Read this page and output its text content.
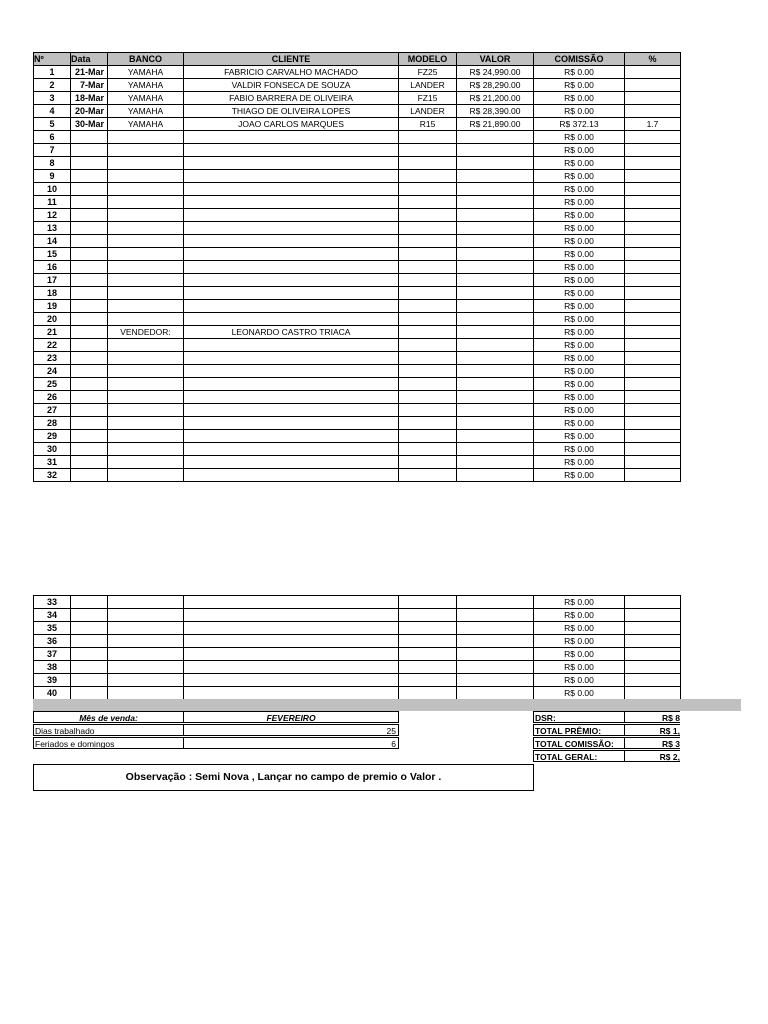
Nº	Data	BANCO	CLIENTE	MODELO	VALOR	COMISSÃO	%
1	21-Mar	YAMAHA	FABRICIO CARVALHO MACHADO	FZ25	R$ 24,990.00	R$ 0.00	
2	7-Mar	YAMAHA	VALDIR FONSECA DE SOUZA	LANDER	R$ 28,290.00	R$ 0.00	
3	18-Mar	YAMAHA	FABIO BARRERA DE OLIVEIRA	FZ15	R$ 21,200.00	R$ 0.00	
4	20-Mar	YAMAHA	THIAGO DE OLIVEIRA LOPES	LANDER	R$ 28,390.00	R$ 0.00	
5	30-Mar	YAMAHA	JOAO CARLOS MARQUES	R15	R$ 21,890.00	R$ 372.13	1.7
6						R$ 0.00	
7						R$ 0.00	
8						R$ 0.00	
9						R$ 0.00	
10						R$ 0.00	
11						R$ 0.00	
12						R$ 0.00	
13						R$ 0.00	
14						R$ 0.00	
15						R$ 0.00	
16						R$ 0.00	
17						R$ 0.00	
18						R$ 0.00	
19						R$ 0.00	
20						R$ 0.00	
21		VENDEDOR:	LEONARDO CASTRO TRIACA			R$ 0.00	
22						R$ 0.00	
23						R$ 0.00	
24						R$ 0.00	
25						R$ 0.00	
26						R$ 0.00	
27						R$ 0.00	
28						R$ 0.00	
29						R$ 0.00	
30						R$ 0.00	
31						R$ 0.00	
32						R$ 0.00	
33						R$ 0.00	
34						R$ 0.00	
35						R$ 0.00	
36						R$ 0.00	
37						R$ 0.00	
38						R$ 0.00	
39						R$ 0.00	
40						R$ 0.00	
Mês de venda:	FEVEREIRO
Dias trabalhado	25
Feriados e domingos	6
DSR:	R$ 8
TOTAL PRÊMIO:	R$ 1,
TOTAL COMISSÃO:	R$ 3
TOTAL GERAL:	R$ 2,
Observação : Semi Nova , Lançar no campo de premio o Valor .
